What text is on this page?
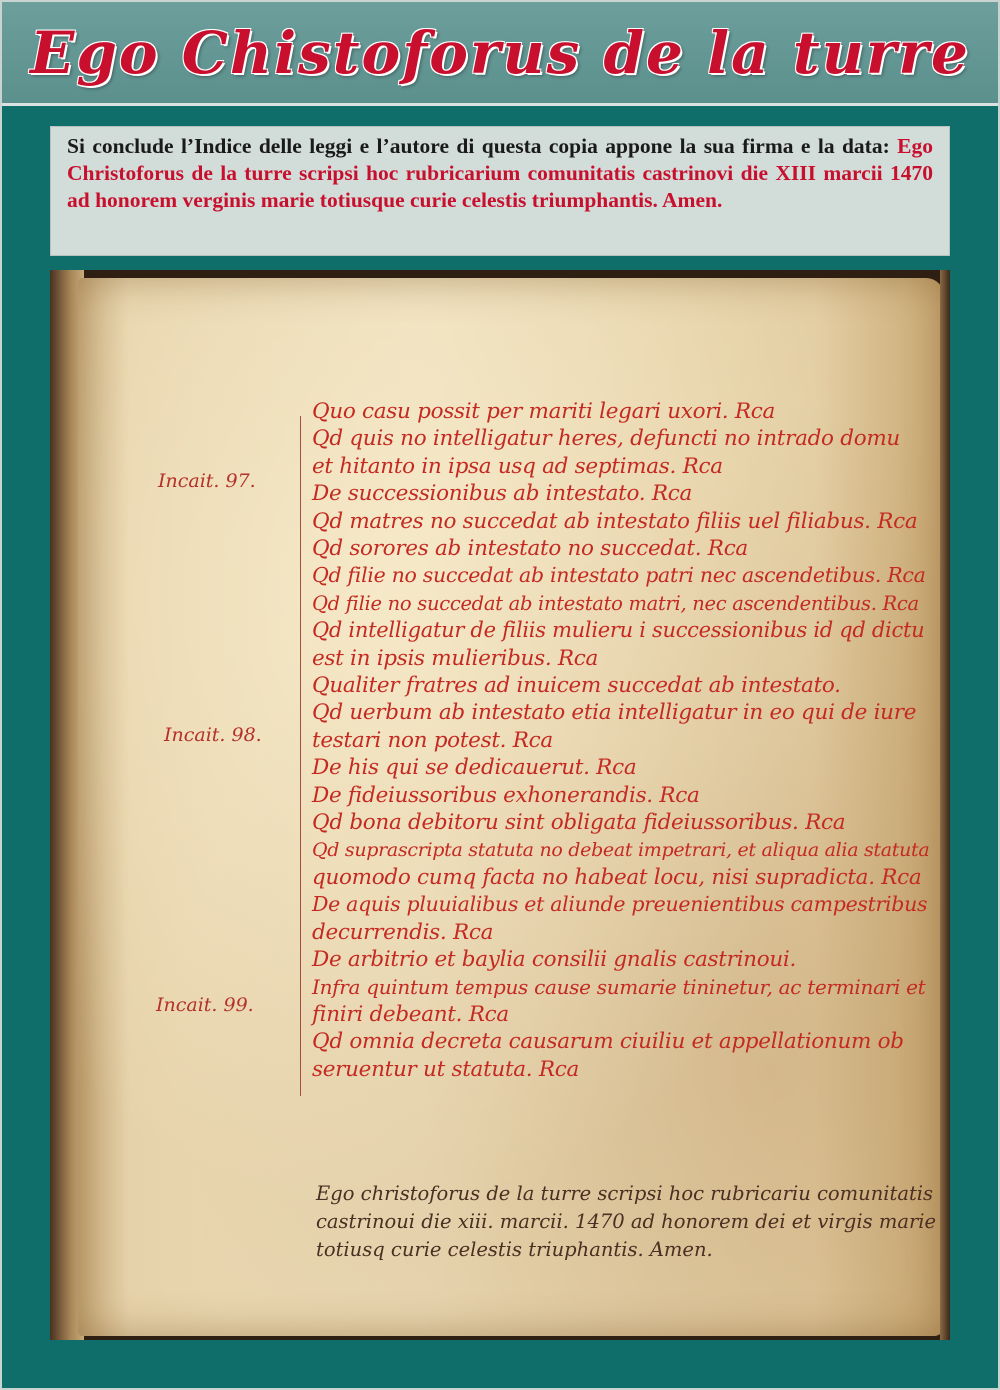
Ego Chistoforus de la turre
Si conclude l’Indice delle leggi e l’autore di questa copia appone la sua firma e la data: Ego Christoforus de la turre scripsi hoc rubricarium comunitatis castrinovi die XIII marcii 1470 ad honorem verginis marie totiusque curie celestis triumphantis. Amen.
Incait. 97.
Incait. 98.
Incait. 99.
Quo casu possit per mariti legari uxori. Rca
Qd quis no intelligatur heres, defuncti no intrado domu
et hitanto in ipsa usq ad septimas. Rca
De successionibus ab intestato. Rca
Qd matres no succedat ab intestato filiis uel filiabus. Rca
Qd sorores ab intestato no succedat. Rca
Qd filie no succedat ab intestato patri nec ascendetibus. Rca
Qd filie no succedat ab intestato matri, nec ascendentibus. Rca
Qd intelligatur de filiis mulieru i successionibus id qd dictu
est in ipsis mulieribus. Rca
Qualiter fratres ad inuicem succedat ab intestato.
Qd uerbum ab intestato etia intelligatur in eo qui de iure
testari non potest. Rca
De his qui se dedicauerut. Rca
De fideiussoribus exhonerandis. Rca
Qd bona debitoru sint obligata fideiussoribus. Rca
Qd suprascripta statuta no debeat impetrari, et aliqua alia statuta
quomodo cumq facta no habeat locu, nisi supradicta. Rca
De aquis pluuialibus et aliunde preuenientibus campestribus
decurrendis. Rca
De arbitrio et baylia consilii gnalis castrinoui.
Infra quintum tempus cause sumarie tininetur, ac terminari et
finiri debeant. Rca
Qd omnia decreta causarum ciuiliu et appellationum ob
seruentur ut statuta. Rca
Ego christoforus de la turre scripsi hoc rubricariu comunitatis
castrinoui die xiii. marcii. 1470 ad honorem dei et virgis marie
totiusq curie celestis triuphantis. Amen.
